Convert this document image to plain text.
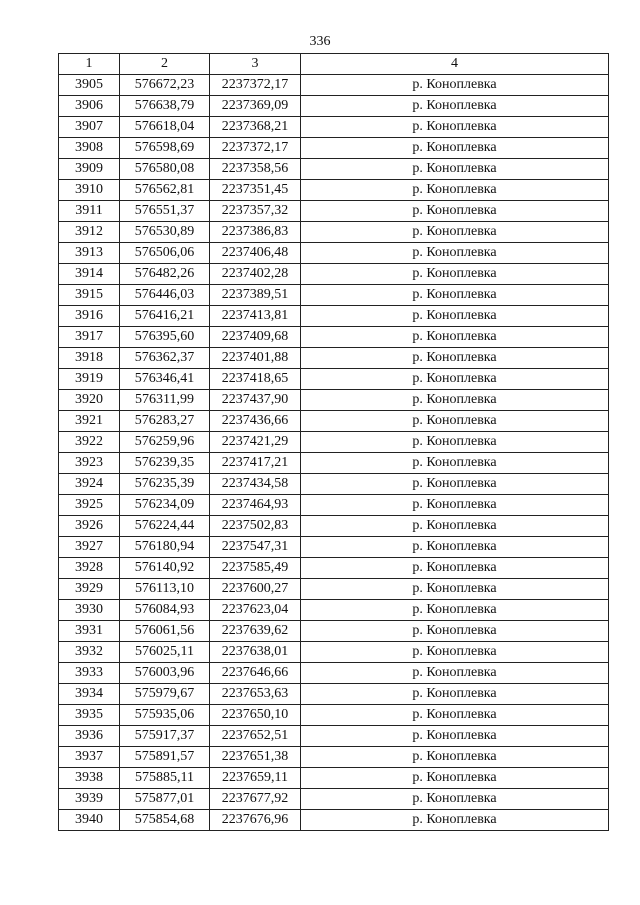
336
1	2	3	4
3905	576672,23	2237372,17	р. Коноплевка
3906	576638,79	2237369,09	р. Коноплевка
3907	576618,04	2237368,21	р. Коноплевка
3908	576598,69	2237372,17	р. Коноплевка
3909	576580,08	2237358,56	р. Коноплевка
3910	576562,81	2237351,45	р. Коноплевка
3911	576551,37	2237357,32	р. Коноплевка
3912	576530,89	2237386,83	р. Коноплевка
3913	576506,06	2237406,48	р. Коноплевка
3914	576482,26	2237402,28	р. Коноплевка
3915	576446,03	2237389,51	р. Коноплевка
3916	576416,21	2237413,81	р. Коноплевка
3917	576395,60	2237409,68	р. Коноплевка
3918	576362,37	2237401,88	р. Коноплевка
3919	576346,41	2237418,65	р. Коноплевка
3920	576311,99	2237437,90	р. Коноплевка
3921	576283,27	2237436,66	р. Коноплевка
3922	576259,96	2237421,29	р. Коноплевка
3923	576239,35	2237417,21	р. Коноплевка
3924	576235,39	2237434,58	р. Коноплевка
3925	576234,09	2237464,93	р. Коноплевка
3926	576224,44	2237502,83	р. Коноплевка
3927	576180,94	2237547,31	р. Коноплевка
3928	576140,92	2237585,49	р. Коноплевка
3929	576113,10	2237600,27	р. Коноплевка
3930	576084,93	2237623,04	р. Коноплевка
3931	576061,56	2237639,62	р. Коноплевка
3932	576025,11	2237638,01	р. Коноплевка
3933	576003,96	2237646,66	р. Коноплевка
3934	575979,67	2237653,63	р. Коноплевка
3935	575935,06	2237650,10	р. Коноплевка
3936	575917,37	2237652,51	р. Коноплевка
3937	575891,57	2237651,38	р. Коноплевка
3938	575885,11	2237659,11	р. Коноплевка
3939	575877,01	2237677,92	р. Коноплевка
3940	575854,68	2237676,96	р. Коноплевка
